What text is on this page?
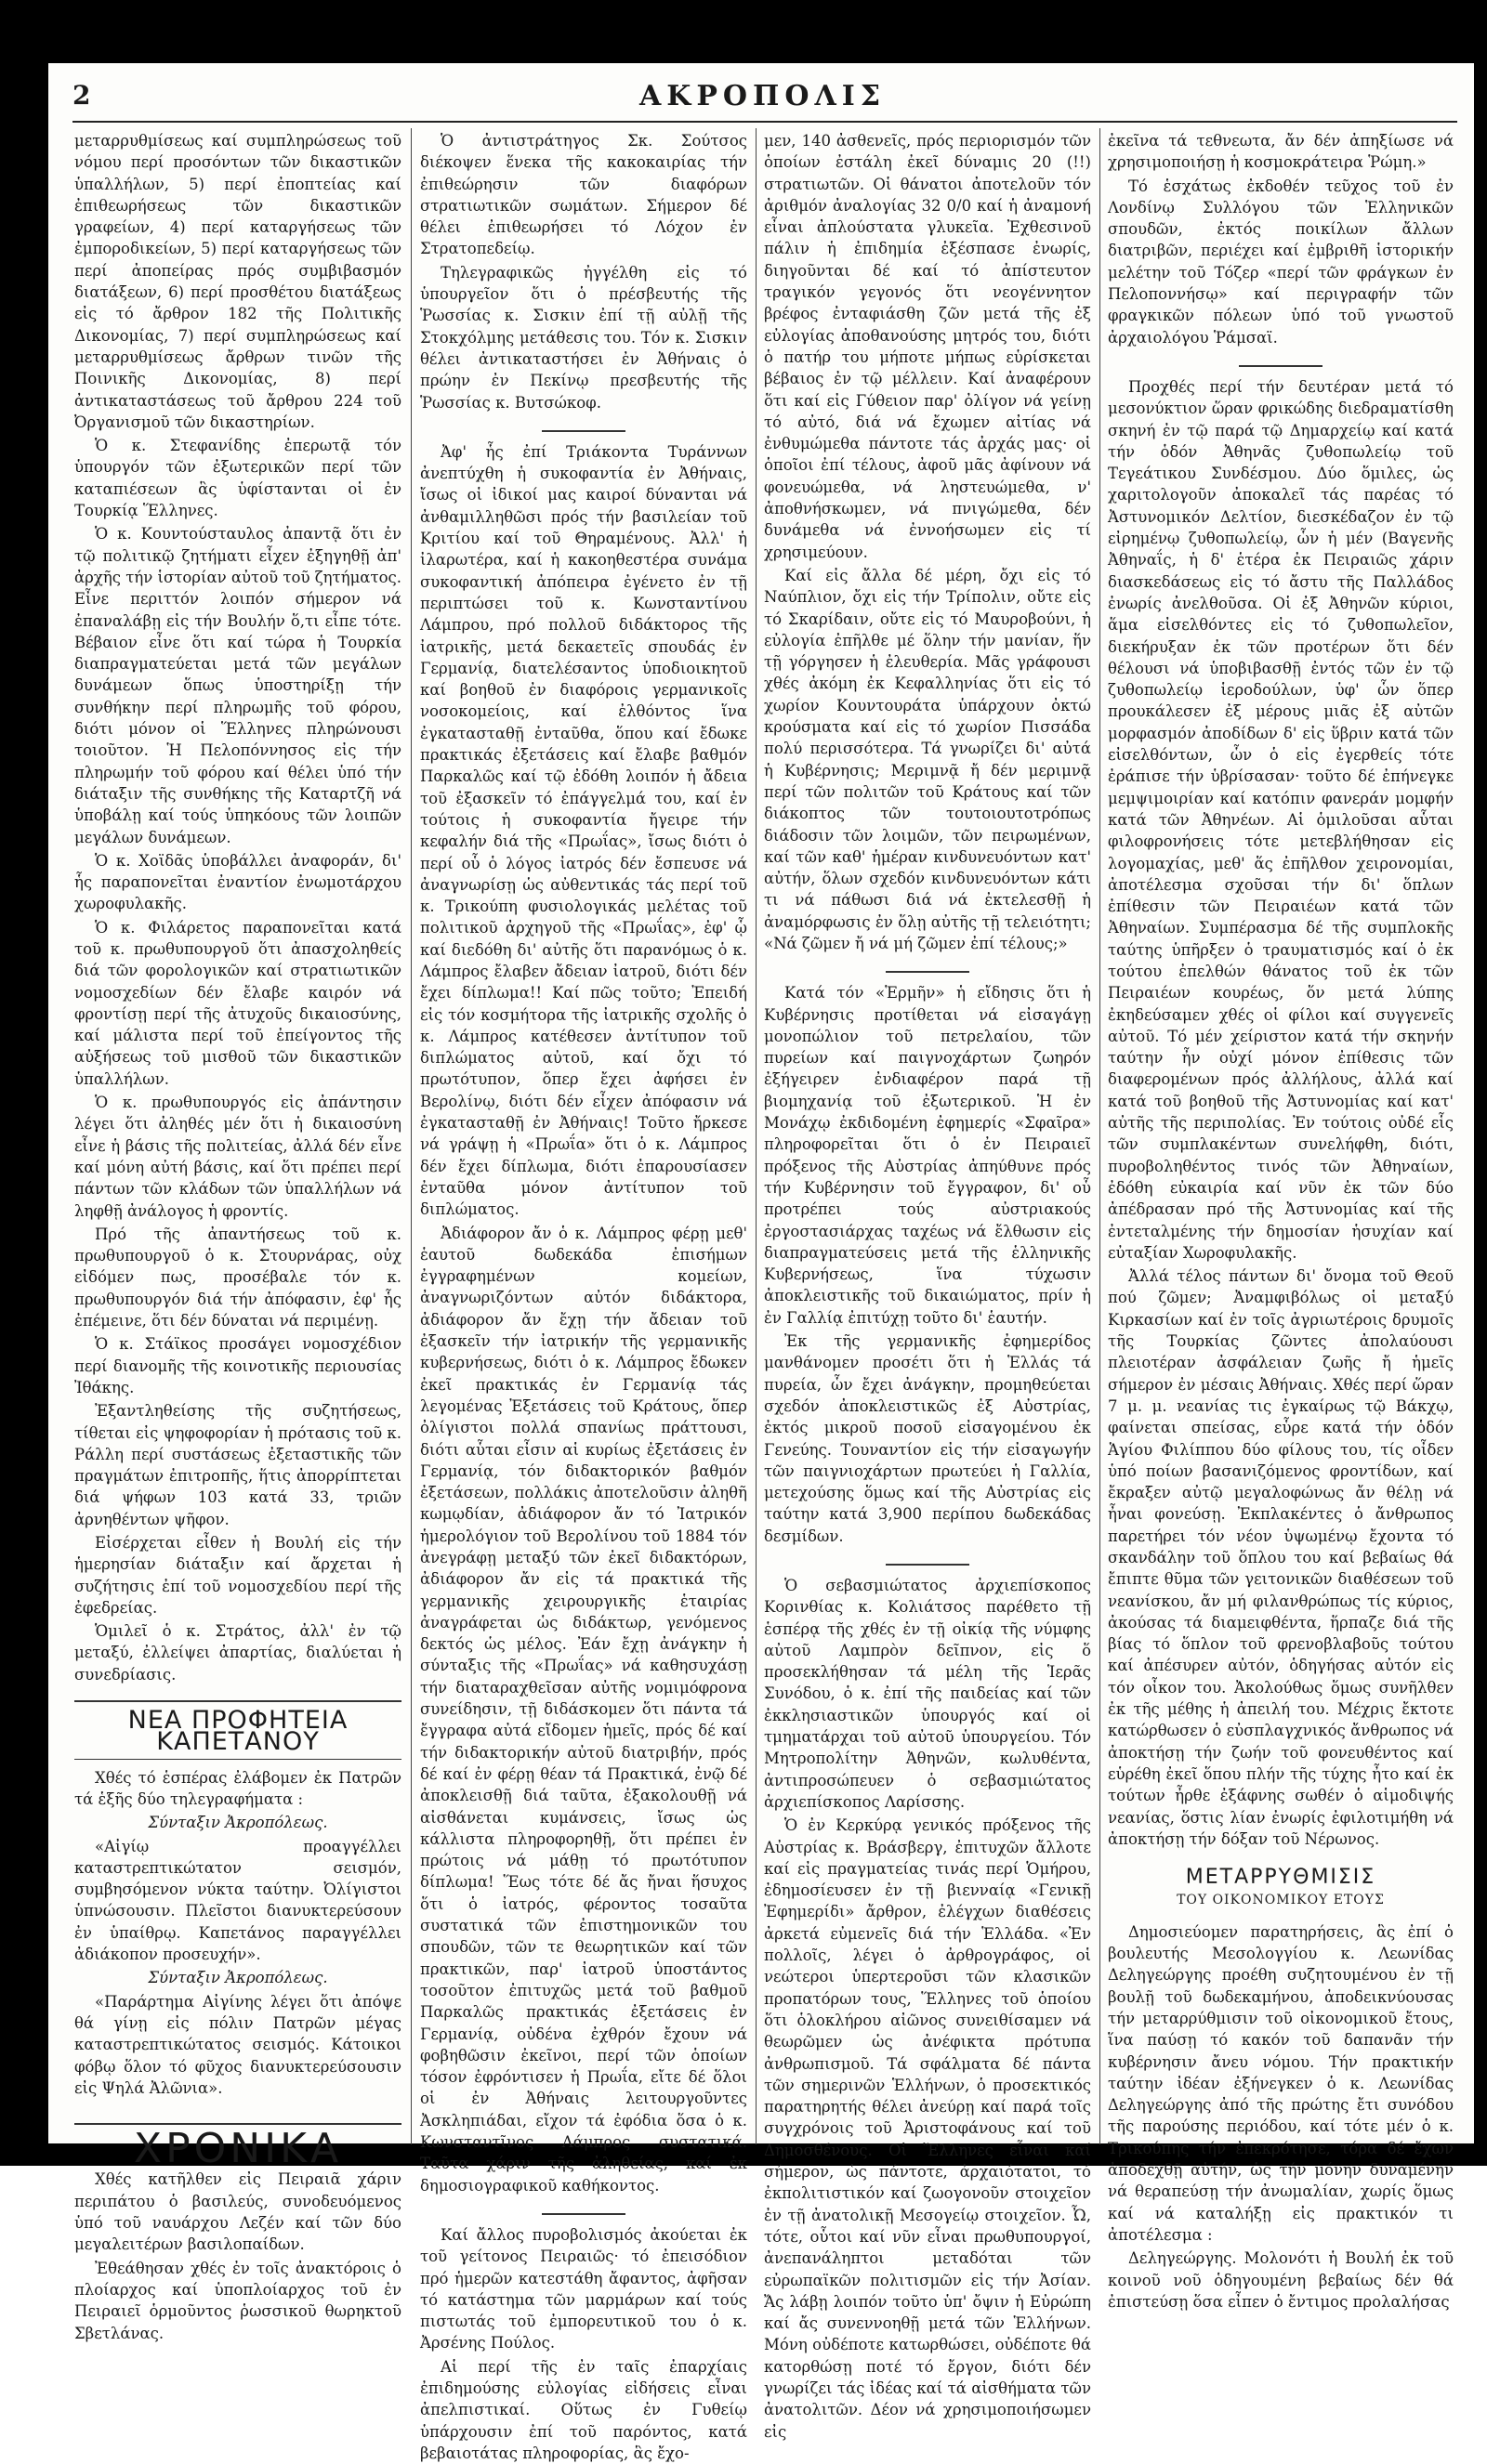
2	ΑΚΡΟΠΟΛΙΣ

μεταρρυθμίσεως καί συμπληρώσεως τοῦ νόμου περί προσόντων τῶν δικαστικῶν ὑπαλλήλων, 5) περί ἐποπτείας καί ἐπιθεωρήσεως τῶν δικαστικῶν γραφείων, 4) περί καταργήσεως τῶν ἐμποροδικείων, 5) περί καταργήσεως τῶν περί ἀποπείρας πρός συμβιβασμόν διατάξεων, 6) περί προσθέτου διατάξεως εἰς τό ἄρθρον 182 τῆς Πολιτικῆς Δικονομίας, 7) περί συμπληρώσεως καί μεταρρυθμίσεως ἄρθρων τινῶν τῆς Ποινικῆς Δικονομίας, 8) περί ἀντικαταστάσεως τοῦ ἄρθρου 224 τοῦ Ὀργανισμοῦ τῶν δικαστηρίων.

Ὁ κ. Στεφανίδης ἐπερωτᾷ τόν ὑπουργόν τῶν ἐξωτερικῶν περί τῶν καταπιέσεων ἃς ὑφίστανται οἱ ἐν Τουρκίᾳ Ἕλληνες.

Ὁ κ. Κουντούσταυλος ἀπαντᾷ ὅτι ἐν τῷ πολιτικῷ ζητήματι εἶχεν ἐξηγηθῇ ἀπ' ἀρχῆς τήν ἱστορίαν αὐτοῦ τοῦ ζητήματος. Εἶνε περιττόν λοιπόν σήμερον νά ἐπαναλάβῃ εἰς τήν Βουλήν ὅ,τι εἶπε τότε. Βέβαιον εἶνε ὅτι καί τώρα ἡ Τουρκία διαπραγματεύεται μετά τῶν μεγάλων δυνάμεων ὅπως ὑποστηρίξῃ τήν συνθήκην περί πληρωμῆς τοῦ φόρου, διότι μόνον οἱ Ἕλληνες πληρώνουσι τοιοῦτον. Ἡ Πελοπόννησος εἰς τήν πληρωμήν τοῦ φόρου καί θέλει ὑπό τήν διάταξιν τῆς συνθήκης τῆς Καταρτζῆ νά ὑποβάλῃ καί τούς ὑπηκόους τῶν λοιπῶν μεγάλων δυνάμεων.

Ὁ κ. Χοϊδᾶς ὑποβάλλει ἀναφοράν, δι' ἧς παραπονεῖται ἐναντίον ἐνωμοτάρχου χωροφυλακῆς.

Ὁ κ. Φιλάρετος παραπονεῖται κατά τοῦ κ. πρωθυπουργοῦ ὅτι ἀπασχοληθείς διά τῶν φορολογικῶν καί στρατιωτικῶν νομοσχεδίων δέν ἔλαβε καιρόν νά φροντίσῃ περί τῆς ἀτυχοῦς δικαιοσύνης, καί μάλιστα περί τοῦ ἐπείγοντος τῆς αὐξήσεως τοῦ μισθοῦ τῶν δικαστικῶν ὑπαλλήλων.

Ὁ κ. πρωθυπουργός εἰς ἀπάντησιν λέγει ὅτι ἀληθές μέν ὅτι ἡ δικαιοσύνη εἶνε ἡ βάσις τῆς πολιτείας, ἀλλά δέν εἶνε καί μόνη αὐτή βάσις, καί ὅτι πρέπει περί πάντων τῶν κλάδων τῶν ὑπαλλήλων νά ληφθῇ ἀνάλογος ἡ φροντίς.

Πρό τῆς ἀπαντήσεως τοῦ κ. πρωθυπουργοῦ ὁ κ. Στουρνάρας, οὐχ εἰδόμεν πως, προσέβαλε τόν κ. πρωθυπουργόν διά τήν ἀπόφασιν, ἐφ' ἧς ἐπέμεινε, ὅτι δέν δύναται νά περιμένῃ.

Ὁ κ. Στάϊκος προσάγει νομοσχέδιον περί διανομῆς τῆς κοινοτικῆς περιουσίας Ἰθάκης.

Ἐξαντληθείσης τῆς συζητήσεως, τίθεται εἰς ψηφοφορίαν ἡ πρότασις τοῦ κ. Ράλλη περί συστάσεως ἐξεταστικῆς τῶν πραγμάτων ἐπιτροπῆς, ἥτις ἀπορρίπτεται διά ψήφων 103 κατά 33, τριῶν ἀρνηθέντων ψῆφον.

Εἰσέρχεται εἶθεν ἡ Βουλή εἰς τήν ἡμερησίαν διάταξιν καί ἄρχεται ἡ συζήτησις ἐπί τοῦ νομοσχεδίου περί τῆς ἐφεδρείας.

Ὁμιλεῖ ὁ κ. Στράτος, ἀλλ' ἐν τῷ μεταξύ, ἐλλείψει ἀπαρτίας, διαλύεται ἡ συνεδρίασις.

ΝΕΑ ΠΡΟΦΗΤΕΙΑ ΚΑΠΕΤΑΝΟΥ

Χθές τό ἑσπέρας ἐλάβομεν ἐκ Πατρῶν τά ἑξῆς δύο τηλεγραφήματα :

Σύνταξιν Ἀκροπόλεως.

«Αἰγίῳ προαγγέλλει καταστρεπτικώτατον σεισμόν, συμβησόμενον νύκτα ταύτην. Ὀλίγιστοι ὑπνώσουσιν. Πλεῖστοι διανυκτερεύσουν ἐν ὑπαίθρῳ. Καπετάνος παραγγέλλει ἀδιάκοπον προσευχήν».

Σύνταξιν Ἀκροπόλεως.

«Παράρτημα Αἰγίνης λέγει ὅτι ἀπόψε θά γίνῃ εἰς πόλιν Πατρῶν μέγας καταστρεπτικώτατος σεισμός. Κάτοικοι φόβῳ ὅλον τό φῦχος διανυκτερεύσουσιν εἰς Ψηλά Ἀλῶνια».

ΧΡΟΝΙΚΑ

Χθές κατῆλθεν εἰς Πειραιᾶ χάριν περιπάτου ὁ βασιλεύς, συνοδευόμενος ὑπό τοῦ ναυάρχου Λεζέν καί τῶν δύο μεγαλειτέρων βασιλοπαίδων.

Ἐθεάθησαν χθές ἐν τοῖς ἀνακτόροις ὁ πλοίαρχος καί ὑποπλοίαρχος τοῦ ἐν Πειραιεῖ ὁρμοῦντος ῥωσσικοῦ θωρηκτοῦ Σβετλάνας.

Ὁ ἀντιστράτηγος Σκ. Σούτσος διέκοψεν ἕνεκα τῆς κακοκαιρίας τήν ἐπιθεώρησιν τῶν διαφόρων στρατιωτικῶν σωμάτων. Σήμερον δέ θέλει ἐπιθεωρήσει τό Λόχον ἐν Στρατοπεδείῳ.

Τηλεγραφικῶς ἠγγέλθη εἰς τό ὑπουργεῖον ὅτι ὁ πρέσβευτής τῆς Ῥωσσίας κ. Σισκιν ἐπί τῇ αὐλῇ τῆς Στοκχόλμης μετάθεσις του. Τόν κ. Σισκιν θέλει ἀντικαταστήσει ἐν Ἀθήναις ὁ πρώην ἐν Πεκίνῳ πρεσβευτής τῆς Ῥωσσίας κ. Βυτσώκοφ.

Ἀφ' ἧς ἐπί Τριάκοντα Τυράννων ἀνεπτύχθη ἡ συκοφαντία ἐν Ἀθήναις, ἴσως οἱ ἰδικοί μας καιροί δύνανται νά ἀνθαμιλληθῶσι πρός τήν βασιλείαν τοῦ Κριτίου καί τοῦ Θηραμένους. Ἀλλ' ἡ ἰλαρωτέρα, καί ἡ κακοηθεστέρα συνάμα συκοφαντική ἀπόπειρα ἐγένετο ἐν τῇ περιπτώσει τοῦ κ. Κωνσταντίνου Λάμπρου, πρό πολλοῦ διδάκτορος τῆς ἰατρικῆς, μετά δεκαετεῖς σπουδάς ἐν Γερμανίᾳ, διατελέσαντος ὑποδιοικητοῦ καί βοηθοῦ ἐν διαφόροις γερμανικοῖς νοσοκομείοις, καί ἐλθόντος ἵνα ἐγκατασταθῇ ἐνταῦθα, ὅπου καί ἔδωκε πρακτικάς ἐξετάσεις καί ἔλαβε βαθμόν Παρκαλῶς καί τῷ ἐδόθη λοιπόν ἡ ἄδεια τοῦ ἐξασκεῖν τό ἐπάγγελμά του, καί ἐν τούτοις ἡ συκοφαντία ἤγειρε τήν κεφαλήν διά τῆς «Πρωΐας», ἴσως διότι ὁ περί οὗ ὁ λόγος ἰατρός δέν ἔσπευσε νά ἀναγνωρίσῃ ὡς αὐθεντικάς τάς περί τοῦ κ. Τρικούπη φυσιολογικάς μελέτας τοῦ πολιτικοῦ ἀρχηγοῦ τῆς «Πρωΐας», ἐφ' ᾧ καί διεδόθη δι' αὐτῆς ὅτι παρανόμως ὁ κ. Λάμπρος ἔλαβεν ἄδειαν ἰατροῦ, διότι δέν ἔχει δίπλωμα!! Καί πῶς τοῦτο; Ἐπειδή εἰς τόν κοσμήτορα τῆς ἰατρικῆς σχολῆς ὁ κ. Λάμπρος κατέθεσεν ἀντίτυπον τοῦ διπλώματος αὐτοῦ, καί ὄχι τό πρωτότυπον, ὅπερ ἔχει ἀφήσει ἐν Βερολίνῳ, διότι δέν εἶχεν ἀπόφασιν νά ἐγκατασταθῇ ἐν Ἀθήναις! Τοῦτο ἤρκεσε νά γράψῃ ἡ «Πρωΐα» ὅτι ὁ κ. Λάμπρος δέν ἔχει δίπλωμα, διότι ἐπαρουσίασεν ἐνταῦθα μόνον ἀντίτυπον τοῦ διπλώματος.

Ἀδιάφορον ἄν ὁ κ. Λάμπρος φέρῃ μεθ' ἑαυτοῦ δωδεκάδα ἐπισήμων ἐγγραφημένων κομείων, ἀναγνωριζόντων αὐτόν διδάκτορα, ἀδιάφορον ἄν ἔχῃ τήν ἄδειαν τοῦ ἐξασκεῖν τήν ἰατρικήν τῆς γερμανικῆς κυβερνήσεως, διότι ὁ κ. Λάμπρος ἔδωκεν ἐκεῖ πρακτικάς ἐν Γερμανίᾳ τάς λεγομένας Ἐξετάσεις τοῦ Κράτους, ὅπερ ὀλίγιστοι πολλά σπανίως πράττουσι, διότι αὗται εἶσιν αἱ κυρίως ἐξετάσεις ἐν Γερμανίᾳ, τόν διδακτορικόν βαθμόν ἐξετάσεων, πολλάκις ἀποτελοῦσιν ἀληθῆ κωμῳδίαν, ἀδιάφορον ἄν τό Ἰατρικόν ἡμερολόγιον τοῦ Βερολίνου τοῦ 1884 τόν ἀνεγράφῃ μεταξύ τῶν ἐκεῖ διδακτόρων, ἀδιάφορον ἄν εἰς τά πρακτικά τῆς γερμανικῆς χειρουργικῆς ἑταιρίας ἀναγράφεται ὡς διδάκτωρ, γενόμενος δεκτός ὡς μέλος. Ἐάν ἔχῃ ἀνάγκην ἡ σύνταξις τῆς «Πρωΐας» νά καθησυχάσῃ τήν διαταραχθεῖσαν αὐτῆς νομιμόφρονα συνείδησιν, τῇ διδάσκομεν ὅτι πάντα τά ἔγγραφα αὐτά εἴδομεν ἡμεῖς, πρός δέ καί τήν διδακτορικήν αὐτοῦ διατριβήν, πρός δέ καί ἐν φέρῃ θέαν τά Πρακτικά, ἐνῷ δέ ἀποκλεισθῇ διά ταῦτα, ἐξακολουθῇ νά αἰσθάνεται κυμάνσεις, ἴσως ὡς κάλλιστα πληροφορηθῇ, ὅτι πρέπει ἐν πρώτοις νά μάθῃ τό πρωτότυπον δίπλωμα! Ἕως τότε δέ ἄς ἤναι ἥσυχος ὅτι ὁ ἰατρός, φέροντος τοσαῦτα συστατικά τῶν ἐπιστημονικῶν του σπουδῶν, τῶν τε θεωρητικῶν καί τῶν πρακτικῶν, παρ' ἰατροῦ ὑποστάντος τοσοῦτον ἐπιτυχῶς μετά τοῦ βαθμοῦ Παρκαλῶς πρακτικάς ἐξετάσεις ἐν Γερμανίᾳ, οὐδένα ἐχθρόν ἔχουν νά φοβηθῶσιν ἐκεῖνοι, περί τῶν ὁποίων τόσον ἐφρόντισεν ἡ Πρωΐα, εἴτε δέ ὅλοι οἱ ἐν Ἀθήναις λειτουργοῦντες Ἀσκληπιάδαι, εἴχον τά ἐφόδια ὅσα ὁ κ. Κωνσταντῖνος Λάμπρος συστατικά. Ταῦτα χάριν τῆς ἀληθείας, καί ἐκ δημοσιογραφικοῦ καθήκοντος.

Καί ἄλλος πυροβολισμός ἀκούεται ἐκ τοῦ γείτονος Πειραιῶς· τό ἐπεισόδιον πρό ἡμερῶν κατεστάθη ἄφαντος, ἀφῆσαν τό κατάστημα τῶν μαρμάρων καί τούς πιστωτάς τοῦ ἐμπορευτικοῦ του ὁ κ. Ἀρσένης Πούλος.

Αἱ περί τῆς ἐν ταῖς ἐπαρχίαις ἐπιδημούσης εὐλογίας εἰδήσεις εἶναι ἀπελπιστικαί. Οὕτως ἐν Γυθείῳ ὑπάρχουσιν ἐπί τοῦ παρόντος, κατά βεβαιοτάτας πληροφορίας, ἃς ἔχο-

μεν, 140 ἀσθενεῖς, πρός περιορισμόν τῶν ὁποίων ἐστάλη ἐκεῖ δύναμις 20 (!!) στρατιωτῶν. Οἱ θάνατοι ἀποτελοῦν τόν ἀριθμόν ἀναλογίας 32 0/0 καί ἡ ἀναμονή εἶναι ἀπλούστατα γλυκεῖα. Ἐχθεσινοῦ πάλιν ἡ ἐπιδημία ἐξέσπασε ἐνωρίς, διηγοῦνται δέ καί τό ἀπίστευτον τραγικόν γεγονός ὅτι νεογέννητον βρέφος ἐνταφιάσθη ζῶν μετά τῆς ἐξ εὐλογίας ἀποθανούσης μητρός του, διότι ὁ πατήρ του μήποτε μήπως εὑρίσκεται βέβαιος ἐν τῷ μέλλειν. Καί ἀναφέρουν ὅτι καί εἰς Γύθειον παρ' ὀλίγον νά γείνῃ τό αὐτό, διά νά ἔχωμεν αἰτίας νά ἐνθυμώμεθα πάντοτε τάς ἀρχάς μας· οἱ ὁποῖοι ἐπί τέλους, ἀφοῦ μᾶς ἀφίνουν νά φονευώμεθα, νά ληστευώμεθα, ν' ἀποθνήσκωμεν, νά πνιγώμεθα, δέν δυνάμεθα νά ἐννοήσωμεν εἰς τί χρησιμεύουν.

Καί εἰς ἄλλα δέ μέρη, ὄχι εἰς τό Ναύπλιον, ὄχι εἰς τήν Τρίπολιν, οὔτε εἰς τό Σκαρίδαιν, οὔτε εἰς τό Μαυροβούνι, ἡ εὐλογία ἐπῆλθε μέ ὅλην τήν μανίαν, ἥν τῇ γόργησεν ἡ ἐλευθερία. Μᾶς γράφουσι χθές ἀκόμη ἐκ Κεφαλληνίας ὅτι εἰς τό χωρίον Κουντουράτα ὑπάρχουν ὀκτώ κρούσματα καί εἰς τό χωρίον Πισσάδα πολύ περισσότερα. Τά γνωρίζει δι' αὐτά ἡ Κυβέρνησις; Μεριμνᾷ ἤ δέν μεριμνᾷ περί τῶν πολιτῶν τοῦ Κράτους καί τῶν διάκοπτος τῶν τουτοιουτοτρόπως διάδοσιν τῶν λοιμῶν, τῶν πειρωμένων, καί τῶν καθ' ἡμέραν κινδυνευόντων κατ' αὐτήν, ὅλων σχεδόν κινδυνευόντων κάτι τι νά πάθωσι διά νά ἐκτελεσθῇ ἡ ἀναμόρφωσις ἐν ὅλῃ αὐτῆς τῇ τελειότητι; «Νά ζῶμεν ἤ νά μή ζῶμεν ἐπί τέλους;»

Κατά τόν «Ἑρμῆν» ἡ εἴδησις ὅτι ἡ Κυβέρνησις προτίθεται νά εἰσαγάγῃ μονοπώλιον τοῦ πετρελαίου, τῶν πυρείων καί παιγνοχάρτων ζωηρόν ἐξήγειρεν ἐνδιαφέρον παρά τῇ βιομηχανίᾳ τοῦ ἐξωτερικοῦ. Ἡ ἐν Μονάχῳ ἐκδιδομένη ἐφημερίς «Σφαῖρα» πληροφορεῖται ὅτι ὁ ἐν Πειραιεῖ πρόξενος τῆς Αὐστρίας ἀπηύθυνε πρός τήν Κυβέρνησιν τοῦ ἔγγραφον, δι' οὗ προτρέπει τούς αὐστριακούς ἐργοστασιάρχας ταχέως νά ἔλθωσιν εἰς διαπραγματεύσεις μετά τῆς ἑλληνικῆς Κυβερνήσεως, ἵνα τύχωσιν ἀποκλειστικῆς τοῦ δικαιώματος, πρίν ἡ ἐν Γαλλίᾳ ἐπιτύχῃ τοῦτο δι' ἑαυτήν.

Ἐκ τῆς γερμανικῆς ἐφημερίδος μανθάνομεν προσέτι ὅτι ἡ Ἑλλάς τά πυρεία, ὧν ἔχει ἀνάγκην, προμηθεύεται σχεδόν ἀποκλειστικῶς ἐξ Αὐστρίας, ἐκτός μικροῦ ποσοῦ εἰσαγομένου ἐκ Γενεύης. Τουναντίον εἰς τήν εἰσαγωγήν τῶν παιγνιοχάρτων πρωτεύει ἡ Γαλλία, μετεχούσης ὅμως καί τῆς Αὐστρίας εἰς ταύτην κατά 3,900 περίπου δωδεκάδας δεσμίδων.

Ὁ σεβασμιώτατος ἀρχιεπίσκοπος Κορινθίας κ. Κολιάτσος παρέθετο τῇ ἑσπέρᾳ τῆς χθές ἐν τῇ οἰκίᾳ τῆς νύμφης αὐτοῦ Λαμπρὸν δεῖπνον, εἰς ὅ προσεκλήθησαν τά μέλη τῆς Ἱερᾶς Συνόδου, ὁ κ. ἐπί τῆς παιδείας καί τῶν ἐκκλησιαστικῶν ὑπουργός καί οἱ τμηματάρχαι τοῦ αὐτοῦ ὑπουργείου. Τόν Μητροπολίτην Ἀθηνῶν, κωλυθέντα, ἀντιπροσώπευεν ὁ σεβασμιώτατος ἀρχιεπίσκοπος Λαρίσσης.

Ὁ ἐν Κερκύρᾳ γενικός πρόξενος τῆς Αὐστρίας κ. Βράσβεργ, ἐπιτυχῶν ἄλλοτε καί εἰς πραγματείας τινάς περί Ὁμήρου, ἐδημοσίευσεν ἐν τῇ βιενναίᾳ «Γενικῇ Ἐφημερίδι» ἄρθρον, ἐλέγχων διαθέσεις ἀρκετά εὐμενεῖς διά τήν Ἑλλάδα. «Ἐν πολλοῖς, λέγει ὁ ἀρθρογράφος, οἱ νεώτεροι ὑπερτεροῦσι τῶν κλασικῶν προπατόρων τους, Ἕλληνες τοῦ ὁποίου ὅτι ὁλοκλήρου αἰῶνος συνειθίσαμεν νά θεωρῶμεν ὡς ἀνέφικτα πρότυπα ἀνθρωπισμοῦ. Τά σφάλματα δέ πάντα τῶν σημερινῶν Ἑλλήνων, ὁ προσεκτικός παρατηρητής θέλει ἀνεύρῃ καί παρά τοῖς συγχρόνοις τοῦ Ἀριστοφάνους καί τοῦ Δημοσθένους. Οἱ Ἕλληνες εἶναι καί σήμερον, ὡς πάντοτε, ἀρχαιότατοι, τό ἐκπολιτιστικόν καί ζωογονοῦν στοιχεῖον ἐν τῇ ἀνατολικῇ Μεσογείῳ στοιχεῖον. Ὦ, τότε, οὗτοι καί νῦν εἶναι πρωθυπουργοί, ἀνεπανάληπτοι μεταδόται τῶν εὐρωπαϊκῶν πολιτισμῶν εἰς τήν Ἀσίαν. Ἄς λάβῃ λοιπόν τοῦτο ὑπ' ὄψιν ἡ Εὐρώπη καί ἄς συνεννοηθῇ μετά τῶν Ἑλλήνων. Μόνη οὐδέποτε κατωρθώσει, οὐδέποτε θά κατορθώσῃ ποτέ τό ἔργον, διότι δέν γνωρίζει τάς ἰδέας καί τά αἰσθήματα τῶν ἀνατολιτῶν. Δέον νά χρησιμοποιήσωμεν εἰς

ἐκεῖνα τά τεθνεωτα, ἄν δέν ἀπηξίωσε νά χρησιμοποιήσῃ ἡ κοσμοκράτειρα Ῥώμη.»

Τό ἑσχάτως ἐκδοθέν τεῦχος τοῦ ἐν Λονδίνῳ Συλλόγου τῶν Ἑλληνικῶν σπουδῶν, ἐκτός ποικίλων ἄλλων διατριβῶν, περιέχει καί ἐμβριθῆ ἱστορικήν μελέτην τοῦ Τόζερ «περί τῶν φράγκων ἐν Πελοποννήσῳ» καί περιγραφήν τῶν φραγκικῶν πόλεων ὑπό τοῦ γνωστοῦ ἀρχαιολόγου Ῥάμσαϊ.

Προχθές περί τήν δευτέραν μετά τό μεσονύκτιον ὥραν φρικώδης διεδραματίσθη σκηνή ἐν τῷ παρά τῷ Δημαρχείῳ καί κατά τήν ὁδόν Ἀθηνᾶς ζυθοπωλείῳ τοῦ Τεγεάτικου Συνδέσμου. Δύο ὅμιλες, ὡς χαριτολογοῦν ἀποκαλεῖ τάς παρέας τό Ἀστυνομικόν Δελτίον, διεσκέδαζον ἐν τῷ εἰρημένῳ ζυθοπωλείῳ, ὧν ἡ μέν (Βαγενῆς Ἀθηναΐς, ἡ δ' ἑτέρα ἐκ Πειραιῶς χάριν διασκεδάσεως εἰς τό ἄστυ τῆς Παλλάδος ἐνωρίς ἀνελθοῦσα. Οἱ ἐξ Ἀθηνῶν κύριοι, ἅμα εἰσελθόντες εἰς τό ζυθοπωλεῖον, διεκήρυξαν ἐκ τῶν προτέρων ὅτι δέν θέλουσι νά ὑποβιβασθῇ ἐντός τῶν ἐν τῷ ζυθοπωλείῳ ἱεροδούλων, ὑφ' ὧν ὅπερ προυκάλεσεν ἐξ μέρους μιᾶς ἐξ αὐτῶν μορφασμόν ἀποδίδων δ' εἰς ὕβριν κατά τῶν εἰσελθόντων, ὧν ὁ εἰς ἐγερθείς τότε ἐράπισε τήν ὑβρίσασαν· τοῦτο δέ ἐπήνεγκε μεμψιμοιρίαν καί κατόπιν φανεράν μομφήν κατά τῶν Ἀθηνέων. Αἱ ὁμιλοῦσαι αὗται φιλοφρονήσεις τότε μετεβλήθησαν εἰς λογομαχίας, μεθ' ἅς ἐπῆλθον χειρονομίαι, ἀποτέλεσμα σχοῦσαι τήν δι' ὅπλων ἐπίθεσιν τῶν Πειραιέων κατά τῶν Ἀθηναίων. Συμπέρασμα δέ τῆς συμπλοκῆς ταύτης ὑπῆρξεν ὁ τραυματισμός καί ὁ ἐκ τούτου ἐπελθών θάνατος τοῦ ἐκ τῶν Πειραιέων κουρέως, ὅν μετά λύπης ἐκηδεύσαμεν χθές οἱ φίλοι καί συγγενεῖς αὐτοῦ. Τό μέν χείριστον κατά τήν σκηνήν ταύτην ἦν οὐχί μόνον ἐπίθεσις τῶν διαφερομένων πρός ἀλλήλους, ἀλλά καί κατά τοῦ βοηθοῦ τῆς Ἀστυνομίας καί κατ' αὐτῆς τῆς περιπολίας. Ἐν τούτοις οὐδέ εἷς τῶν συμπλακέντων συνελήφθη, διότι, πυροβοληθέντος τινός τῶν Ἀθηναίων, ἐδόθη εὐκαιρία καί νῦν ἐκ τῶν δύο ἀπέδρασαν πρό τῆς Ἀστυνομίας καί τῆς ἐντεταλμένης τήν δημοσίαν ἡσυχίαν καί εὐταξίαν Χωροφυλακῆς.

Ἀλλά τέλος πάντων δι' ὄνομα τοῦ Θεοῦ πού ζῶμεν; Ἀναμφιβόλως οἱ μεταξύ Κιρκασίων καί ἐν τοῖς ἀγριωτέροις δρυμοῖς τῆς Τουρκίας ζῶντες ἀπολαύουσι πλειοτέραν ἀσφάλειαν ζωῆς ἤ ἡμεῖς σήμερον ἐν μέσαις Ἀθήναις. Χθές περί ὥραν 7 μ. μ. νεανίας τις ἐγκαίρως τῷ Βάκχῳ, φαίνεται σπείσας, εὗρε κατά τήν ὁδόν Ἁγίου Φιλίππου δύο φίλους του, τίς οἶδεν ὑπό ποίων βασανιζόμενος φροντίδων, καί ἔκραξεν αὐτῷ μεγαλοφώνως ἄν θέλῃ νά ἦναι φονεύσῃ. Ἐκπλακέντες ὁ ἄνθρωπος παρετήρει τόν νέον ὑψωμένῳ ἔχοντα τό σκανδάλην τοῦ ὅπλου του καί βεβαίως θά ἔπιπτε θῦμα τῶν γειτονικῶν διαθέσεων τοῦ νεανίσκου, ἄν μή φιλανθρώπως τίς κύριος, ἀκούσας τά διαμειφθέντα, ἥρπαζε διά τῆς βίας τό ὅπλον τοῦ φρενοβλαβοῦς τούτου καί ἀπέσυρεν αὐτόν, ὁδηγήσας αὐτόν εἰς τόν οἶκον του. Ἀκολούθως ὅμως συνῆλθεν ἐκ τῆς μέθης ἡ ἀπειλή του. Μέχρις ἔκτοτε κατώρθωσεν ὁ εὐσπλαγχνικός ἄνθρωπος νά ἀποκτήσῃ τήν ζωήν τοῦ φονευθέντος καί εὑρέθη ἐκεῖ ὅπου πλήν τῆς τύχης ἦτο καί ἐκ τούτων ἦρθε ἐξάφνης σωθέν ὁ αἱμοδιψής νεανίας, ὅστις λίαν ἐνωρίς ἐφιλοτιμήθη νά ἀποκτήσῃ τήν δόξαν τοῦ Νέρωνος.

ΜΕΤΑΡΡΥΘΜΙΣΙΣ
ΤΟΥ ΟΙΚΟΝΟΜΙΚΟΥ ΕΤΟΥΣ

Δημοσιεύομεν παρατηρήσεις, ἃς ἐπί ὁ βουλευτής Μεσολογγίου κ. Λεωνίδας Δεληγεώργης προέθη συζητουμένου ἐν τῇ βουλῇ τοῦ δωδεκαμήνου, ἀποδεικνύουσας τήν μεταρρύθμισιν τοῦ οἰκονομικοῦ ἔτους, ἵνα παύσῃ τό κακόν τοῦ δαπανᾶν τήν κυβέρνησιν ἄνευ νόμου. Τήν πρακτικήν ταύτην ἰδέαν ἐξήνεγκεν ὁ κ. Λεωνίδας Δεληγεώργης ἀπό τῆς πρώτης ἔτι συνόδου τῆς παρούσης περιόδου, καί τότε μέν ὁ κ. Τρικούπης τήν ἐπεκρότησε, τόρα δέ ἔχων ἀποδεχθῇ αὐτήν, ὡς τήν μόνην δυναμένην νά θεραπεύσῃ τήν ἀνωμαλίαν, χωρίς ὅμως καί νά καταλήξῃ εἰς πρακτικόν τι ἀποτέλεσμα :

Δεληγεώργης. Μολονότι ἡ Βουλή ἐκ τοῦ κοινοῦ νοῦ ὁδηγουμένη βεβαίως δέν θά ἐπιστεύσῃ ὅσα εἶπεν ὁ ἔντιμος προλαλήσας
